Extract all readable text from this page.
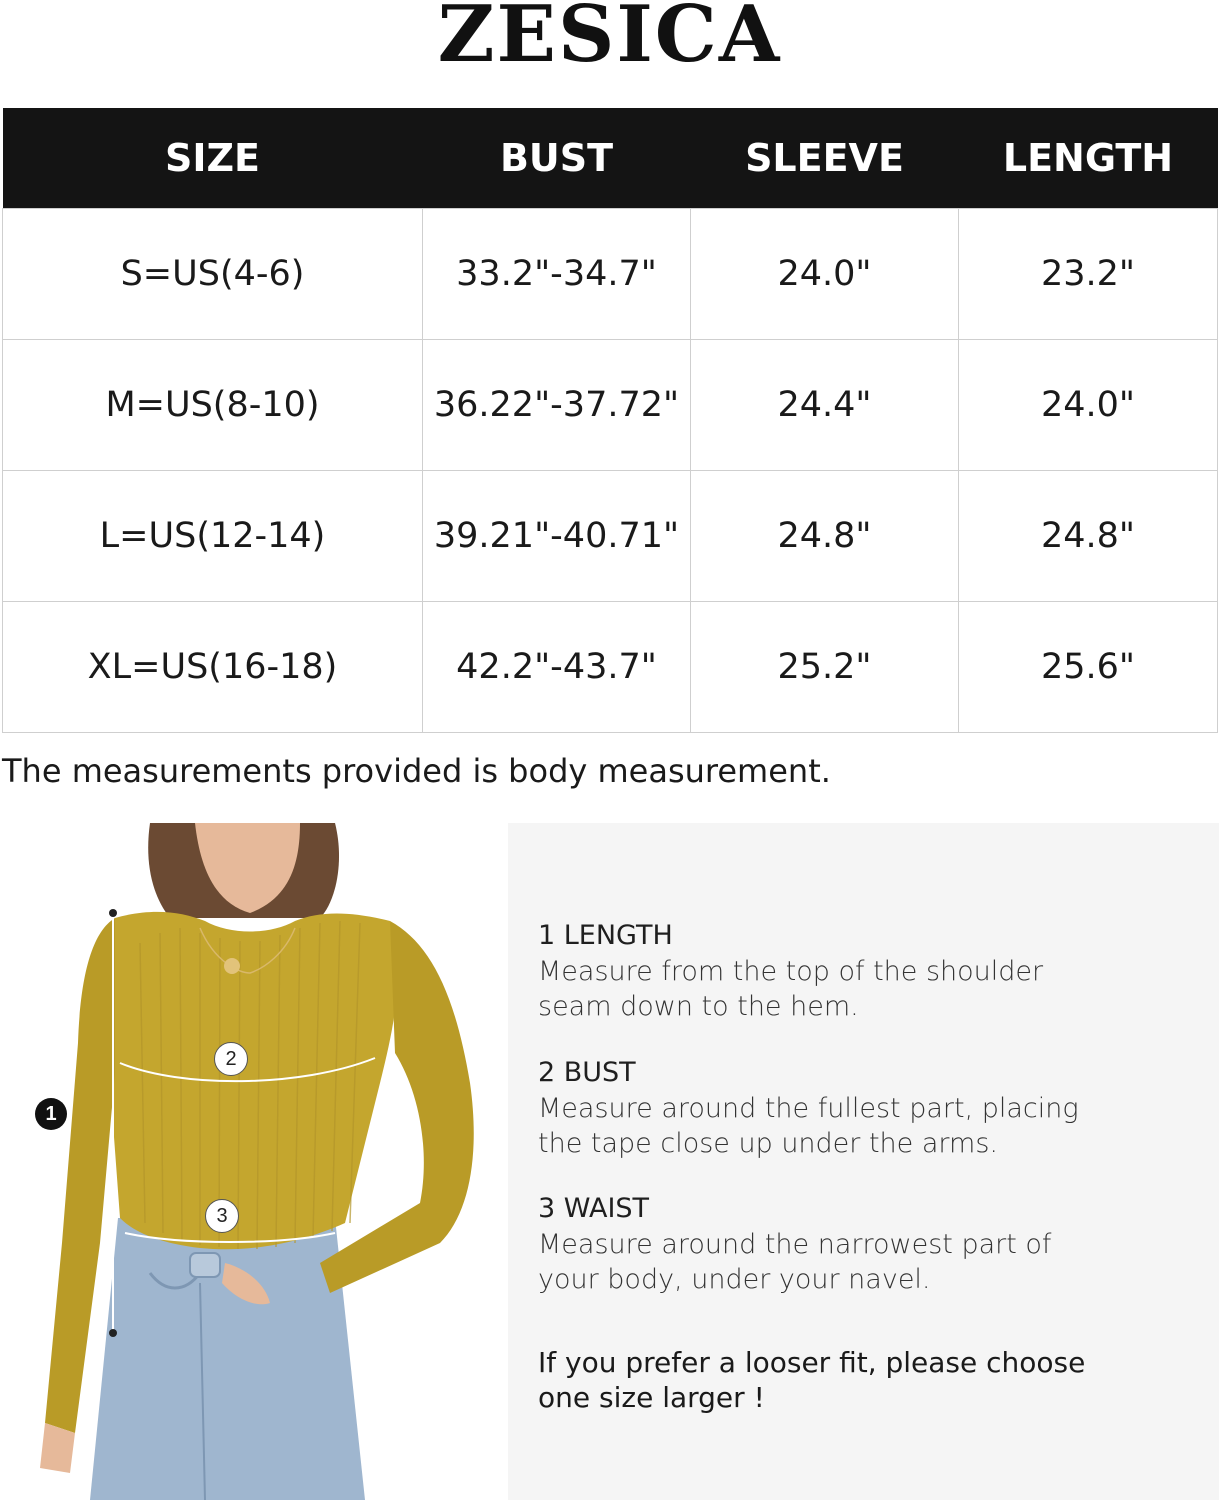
ZESICA
SIZE	BUST	SLEEVE	LENGTH
S=US(4-6)	33.2"-34.7"	24.0"	23.2"
M=US(8-10)	36.22"-37.72"	24.4"	24.0"
L=US(12-14)	39.21"-40.71"	24.8"	24.8"
XL=US(16-18)	42.2"-43.7"	25.2"	25.6"
The measurements provided is body measurement.
1
2
3
1 LENGTH
Measure from the top of the shoulder
seam down to the hem.
2 BUST
Measure around the fullest part, placing
the tape close up under the arms.
3 WAIST
Measure around the narrowest part of
your body, under your navel.
If you prefer a looser fit, please choose
one size larger !
